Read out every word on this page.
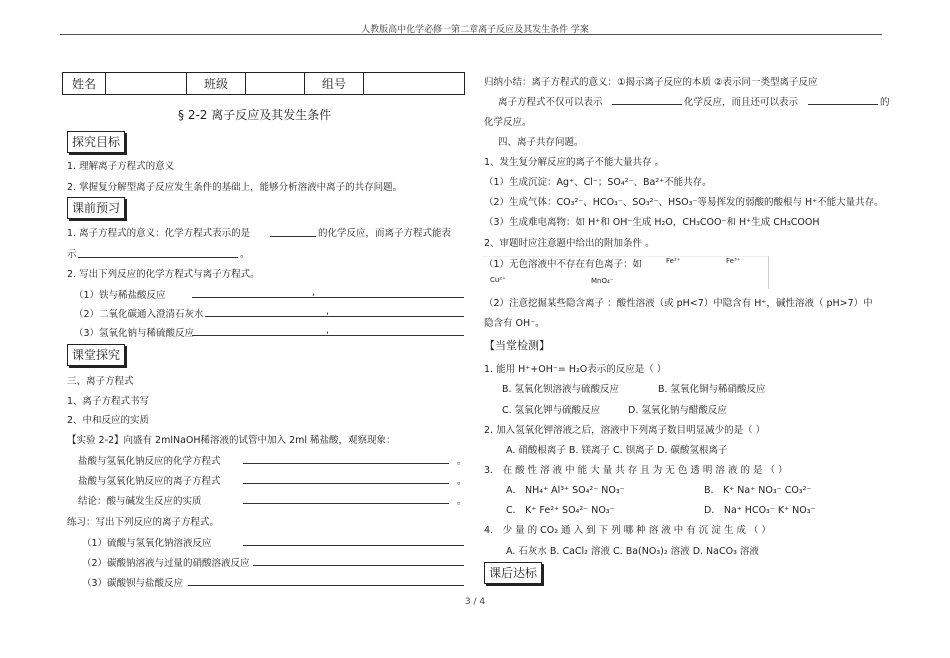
人教版高中化学必修一第二章离子反应及其发生条件 学案
姓名		班级		组号	
§ 2-2 离子反应及其发生条件
探究目标
1. 理解离子方程式的意义
2. 掌握复分解型离子反应发生条件的基础上，能够分析溶液中离子的共存问题。
课前预习
1. 离子方程式的意义：化学方程式表示的是	的化学反应，而离子方程式能表
示	。
2. 写出下列反应的化学方程式与离子方程式。
（1）铁与稀盐酸反应	,
（2）二氧化碳通入澄清石灰水	,
（3）氢氧化钠与稀硫酸反应	,
课堂探究
三、离子方程式
1、离子方程式书写
2、中和反应的实质
【实验 2-2】向盛有 2mlNaOH稀溶液的试管中加入 2ml 稀盐酸，观察现象：
盐酸与氢氧化钠反应的化学方程式	。
盐酸与氢氧化钠反应的离子方程式	。
结论：酸与碱发生反应的实质	。
练习：写出下列反应的离子方程式。
（1）硫酸与氢氧化钠溶液反应
（2）碳酸钠溶液与过量的硝酸溶液反应
（3）碳酸钡与盐酸反应
归纳小结：离子方程式的意义：①揭示离子反应的本质 ②表示同一类型离子反应
离子方程式不仅可以表示	化学反应，而且还可以表示	的
化学反应。
四、离子共存问题。
1、发生复分解反应的离子不能大量共存 。
（1）生成沉淀：Ag⁺、Cl⁻；SO₄²⁻、Ba²⁺不能共存。
（2）生成气体：CO₃²⁻、HCO₃⁻、SO₃²⁻、HSO₃⁻等易挥发的弱酸的酸根与 H⁺不能大量共存。
（3）生成难电离物：如 H⁺和 OH⁻生成 H₂O，CH₃COO⁻和 H⁺生成 CH₃COOH
2、审题时应注意题中给出的附加条件 。
（1）无色溶液中不存在有色离子：如	Fe²⁺	Fe³⁺
Cu²⁺	MnO₄⁻
（2）注意挖掘某些隐含离子 ：酸性溶液（或 pH<7）中隐含有 H⁺，碱性溶液（ pH>7）中
隐含有 OH⁻。
【当堂检测】
1. 能用 H⁺+OH⁻= H₂O表示的反应是（ ）
B. 氢氧化钡溶液与硫酸反应	B. 氢氧化铜与稀硝酸反应
C. 氢氧化钾与硫酸反应	D. 氢氧化钠与醋酸反应
2. 加入氢氧化钾溶液之后，溶液中下列离子数目明显减少的是（ ）
A. 硝酸根离子 B. 镁离子 C. 钡离子 D. 碳酸氢根离子
3． 在 酸 性 溶 液 中 能 大 量 共 存 且 为 无 色 透 明 溶 液 的 是 （ ）
A． NH₄⁺ Al³⁺ SO₄²⁻ NO₃⁻	B． K⁺ Na⁺ NO₃⁻ CO₃²⁻
C． K⁺ Fe²⁺ SO₄²⁻ NO₃⁻	D． Na⁺ HCO₃⁻ K⁺ NO₃⁻
4． 少 量 的 CO₂ 通 入 到 下 列 哪 种 溶 液 中 有 沉 淀 生 成 （ ）
A. 石灰水 B. CaCl₂ 溶液 C. Ba(NO₃)₂ 溶液 D. NaCO₃ 溶液
课后达标
3 / 4
